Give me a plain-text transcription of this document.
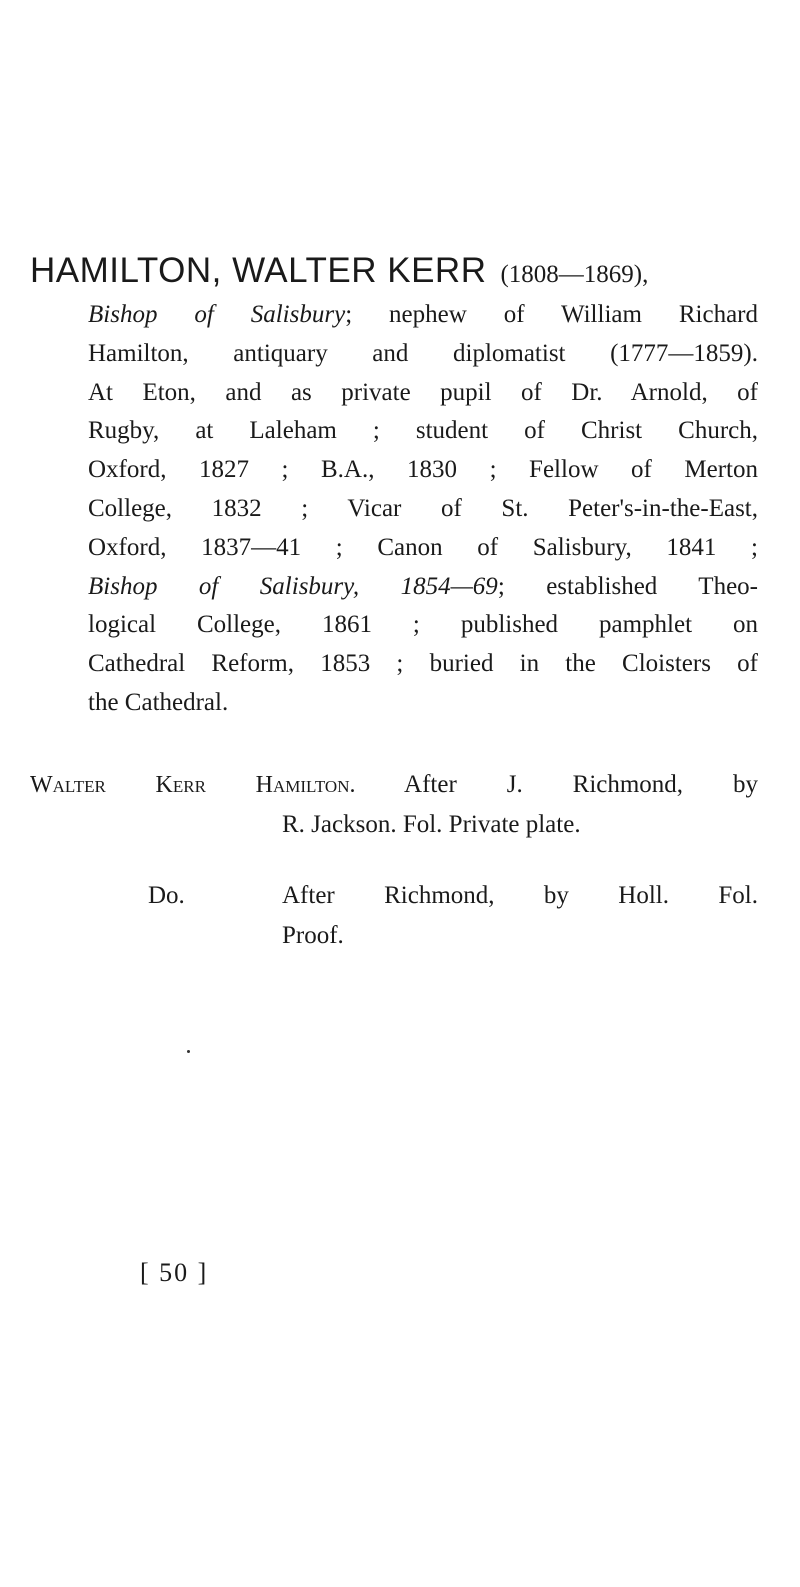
HAMILTON, WALTER KERR (1808—1869),

Bishop of Salisbury; nephew of William Richard
Hamilton, antiquary and diplomatist (1777—1859).
At Eton, and as private pupil of Dr. Arnold, of
Rugby, at Laleham ; student of Christ Church,
Oxford, 1827 ; B.A., 1830 ; Fellow of Merton
College, 1832 ; Vicar of St. Peter's-in-the-East,
Oxford, 1837—41 ; Canon of Salisbury, 1841 ;
Bishop of Salisbury, 1854—69; established Theo-
logical College, 1861 ; published pamphlet on
Cathedral Reform, 1853 ; buried in the Cloisters of
the Cathedral.
Walter Kerr Hamilton. After J. Richmond, by
R. Jackson. Fol. Private plate.
Do.	After Richmond, by Holl. Fol.
Proof.
[ 50 ]
